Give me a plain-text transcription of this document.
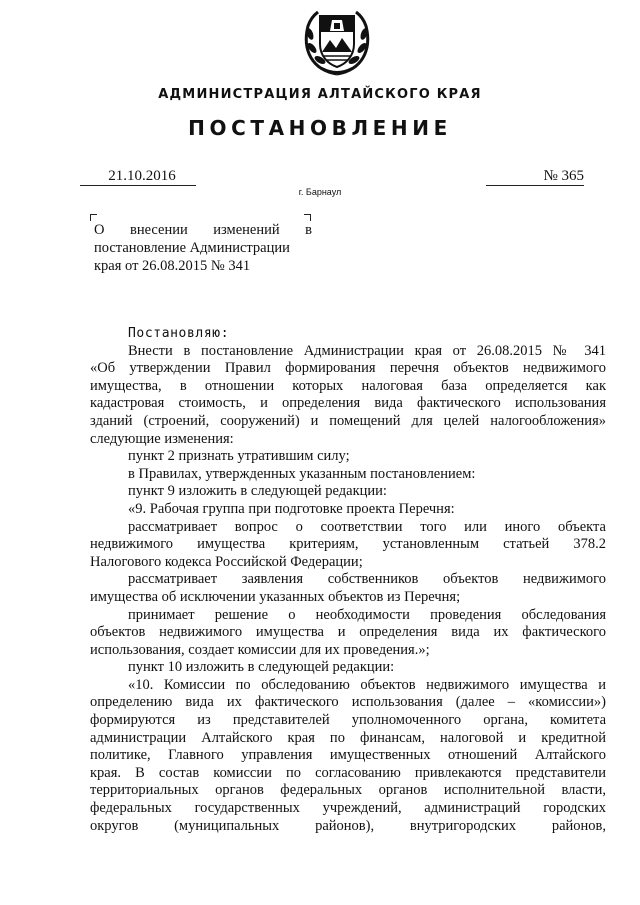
АДМИНИСТРАЦИЯ АЛТАЙСКОГО КРАЯ
ПОСТАНОВЛЕНИЕ
21.10.2016	№ 365
г. Барнаул
О внесении изменений в
постановление Администрации
края от 26.08.2015 № 341
Постановляю:
Внести в постановление Администрации края от 26.08.2015 № 341
«Об утверждении Правил формирования перечня объектов недвижимого
имущества, в отношении которых налоговая база определяется как
кадастровая стоимость, и определения вида фактического использования
зданий (строений, сооружений) и помещений для целей налогообложения»
следующие изменения:
пункт 2 признать утратившим силу;
в Правилах, утвержденных указанным постановлением:
пункт 9 изложить в следующей редакции:
«9. Рабочая группа при подготовке проекта Перечня:
рассматривает вопрос о соответствии того или иного объекта
недвижимого имущества критериям, установленным статьей 378.2
Налогового кодекса Российской Федерации;
рассматривает заявления собственников объектов недвижимого
имущества об исключении указанных объектов из Перечня;
принимает решение о необходимости проведения обследования
объектов недвижимого имущества и определения вида их фактического
использования, создает комиссии для их проведения.»;
пункт 10 изложить в следующей редакции:
«10. Комиссии по обследованию объектов недвижимого имущества и
определению вида их фактического использования (далее – «комиссии»)
формируются из представителей уполномоченного органа, комитета
администрации Алтайского края по финансам, налоговой и кредитной
политике, Главного управления имущественных отношений Алтайского
края. В состав комиссии по согласованию привлекаются представители
территориальных органов федеральных органов исполнительной власти,
федеральных государственных учреждений, администраций городских
округов (муниципальных районов), внутригородских районов,
